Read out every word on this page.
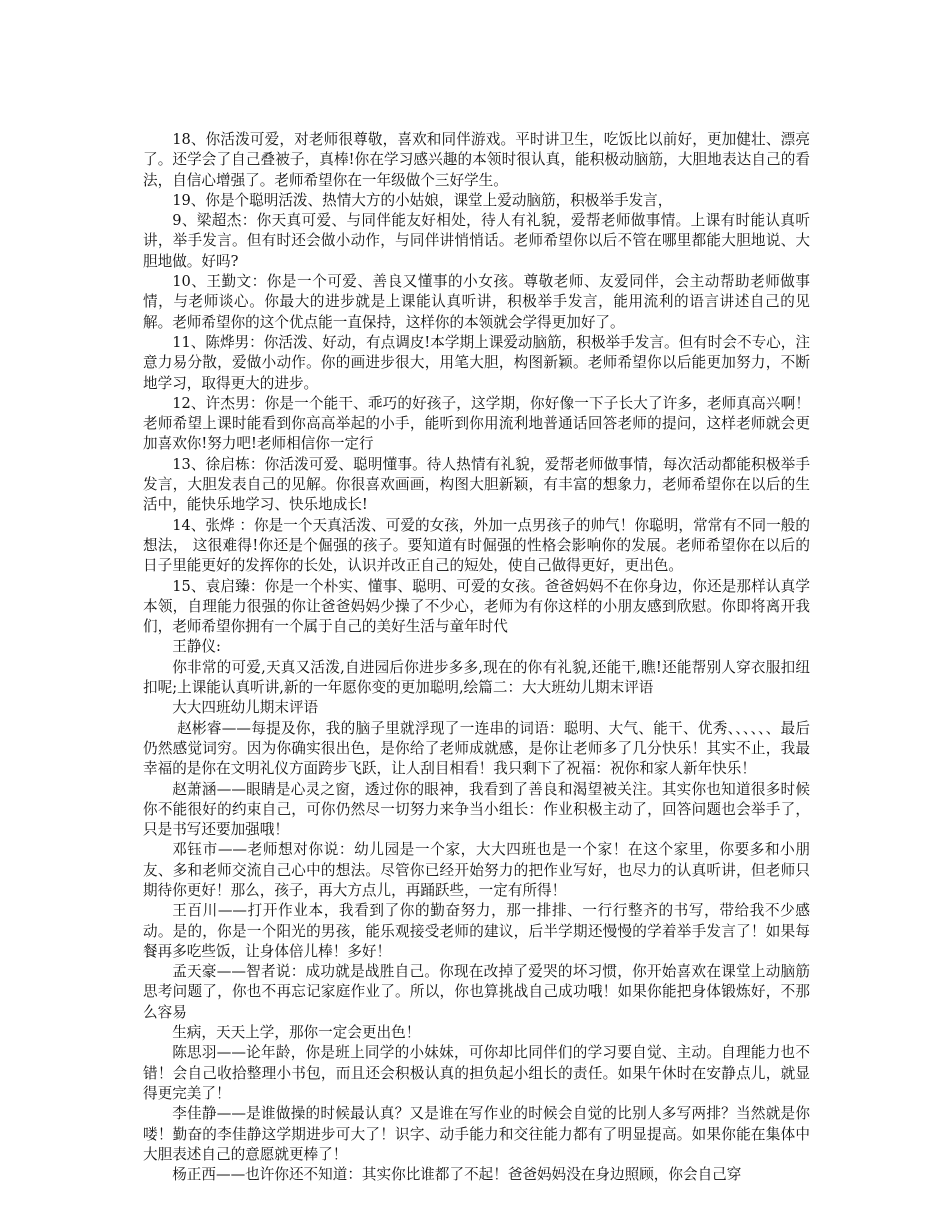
18、你活泼可爱，对老师很尊敬，喜欢和同伴游戏。平时讲卫生，吃饭比以前好，更加健壮、漂亮了。还学会了自己叠被子，真棒!你在学习感兴趣的本领时很认真，能积极动脑筋，大胆地表达自己的看法，自信心增强了。老师希望你在一年级做个三好学生。

19、你是个聪明活泼、热情大方的小姑娘，课堂上爱动脑筋，积极举手发言，

9、梁超杰：你天真可爱、与同伴能友好相处，待人有礼貌，爱帮老师做事情。上课有时能认真听讲，举手发言。但有时还会做小动作，与同伴讲悄悄话。老师希望你以后不管在哪里都能大胆地说、大胆地做。好吗?

10、王勤文：你是一个可爱、善良又懂事的小女孩。尊敬老师、友爱同伴，会主动帮助老师做事情，与老师谈心。你最大的进步就是上课能认真听讲，积极举手发言，能用流利的语言讲述自己的见解。老师希望你的这个优点能一直保持，这样你的本领就会学得更加好了。

11、陈烨男：你活泼、好动，有点调皮!本学期上课爱动脑筋，积极举手发言。但有时会不专心，注意力易分散，爱做小动作。你的画进步很大，用笔大胆，构图新颖。老师希望你以后能更加努力，不断地学习，取得更大的进步。

12、许杰男：你是一个能干、乖巧的好孩子，这学期，你好像一下子长大了许多，老师真高兴啊！老师希望上课时能看到你高高举起的小手，能听到你用流利地普通话回答老师的提问，这样老师就会更加喜欢你!努力吧!老师相信你一定行

13、徐启栋：你活泼可爱、聪明懂事。待人热情有礼貌，爱帮老师做事情，每次活动都能积极举手发言，大胆发表自己的见解。你很喜欢画画，构图大胆新颖，有丰富的想象力，老师希望你在以后的生活中，能快乐地学习、快乐地成长!

14、张烨 ：你是一个天真活泼、可爱的女孩，外加一点男孩子的帅气！你聪明，常常有不同一般的想法， 这很难得!你还是个倔强的孩子。要知道有时倔强的性格会影响你的发展。老师希望你在以后的日子里能更好的发挥你的长处，认识并改正自己的短处，使自己做得更好，更出色。

15、袁启臻：你是一个朴实、懂事、聪明、可爱的女孩。爸爸妈妈不在你身边，你还是那样认真学本领，自理能力很强的你让爸爸妈妈少操了不少心，老师为有你这样的小朋友感到欣慰。你即将离开我们，老师希望你拥有一个属于自己的美好生活与童年时代

王静仪:

你非常的可爱,天真又活泼,自进园后你进步多多,现在的你有礼貌,还能干,瞧!还能帮别人穿衣服扣纽扣呢;上课能认真听讲,新的一年愿你变的更加聪明,绘篇二：大大班幼儿期末评语

大大四班幼儿期末评语

赵彬睿——每提及你，我的脑子里就浮现了一连串的词语：聪明、大气、能干、优秀、、、、、、最后仍然感觉词穷。因为你确实很出色，是你给了老师成就感，是你让老师多了几分快乐！其实不止，我最幸福的是你在文明礼仪方面跨步飞跃，让人刮目相看！我只剩下了祝福：祝你和家人新年快乐！

赵萧涵——眼睛是心灵之窗，透过你的眼神，我看到了善良和渴望被关注。其实你也知道很多时候你不能很好的约束自己，可你仍然尽一切努力来争当小组长：作业积极主动了，回答问题也会举手了，只是书写还要加强哦！

邓钰市——老师想对你说：幼儿园是一个家，大大四班也是一个家！在这个家里，你要多和小朋友、多和老师交流自己心中的想法。尽管你已经开始努力的把作业写好，也尽力的认真听讲，但老师只期待你更好！那么，孩子，再大方点儿，再踊跃些，一定有所得！

王百川——打开作业本，我看到了你的勤奋努力，那一排排、一行行整齐的书写，带给我不少感动。是的，你是一个阳光的男孩，能乐观接受老师的建议，后半学期还慢慢的学着举手发言了！如果每餐再多吃些饭，让身体倍儿棒！多好！

孟天豪——智者说：成功就是战胜自己。你现在改掉了爱哭的坏习惯，你开始喜欢在课堂上动脑筋思考问题了，你也不再忘记家庭作业了。所以，你也算挑战自己成功哦！如果你能把身体锻炼好，不那么容易

生病，天天上学，那你一定会更出色！

陈思羽——论年龄，你是班上同学的小妹妹，可你却比同伴们的学习要自觉、主动。自理能力也不错！会自己收拾整理小书包，而且还会积极认真的担负起小组长的责任。如果午休时在安静点儿，就显得更完美了！

李佳静——是谁做操的时候最认真？又是谁在写作业的时候会自觉的比别人多写两排？当然就是你喽！勤奋的李佳静这学期进步可大了！识字、动手能力和交往能力都有了明显提高。如果你能在集体中大胆表述自己的意愿就更棒了！

杨正西——也许你还不知道：其实你比谁都了不起！爸爸妈妈没在身边照顾，你会自己穿
